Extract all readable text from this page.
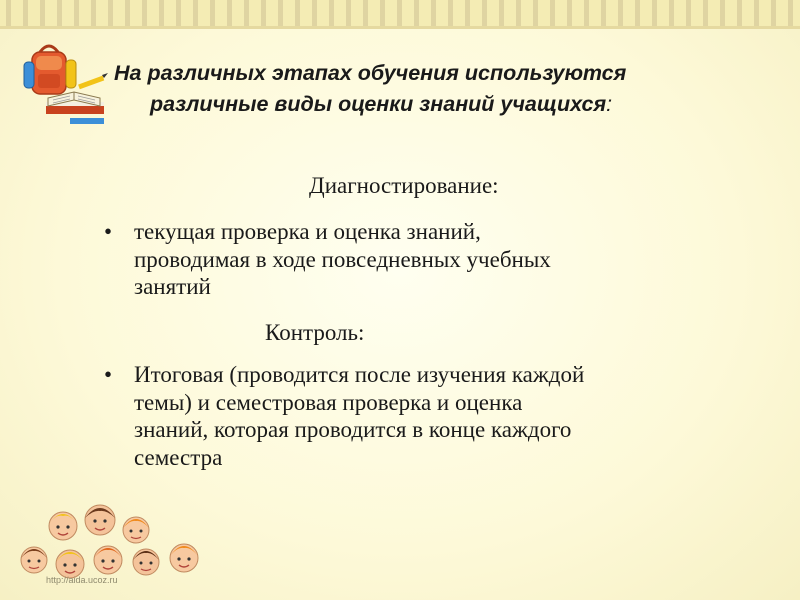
На различных этапах обучения используются
различные виды оценки знаний учащихся:
Диагностирование:
• текущая проверка и оценка знаний,
проводимая в ходе повседневных учебных
занятий
Контроль:
• Итоговая (проводится после изучения каждой
темы) и семестровая проверка и оценка
знаний, которая проводится в конце каждого
семестра
http://aida.ucoz.ru
